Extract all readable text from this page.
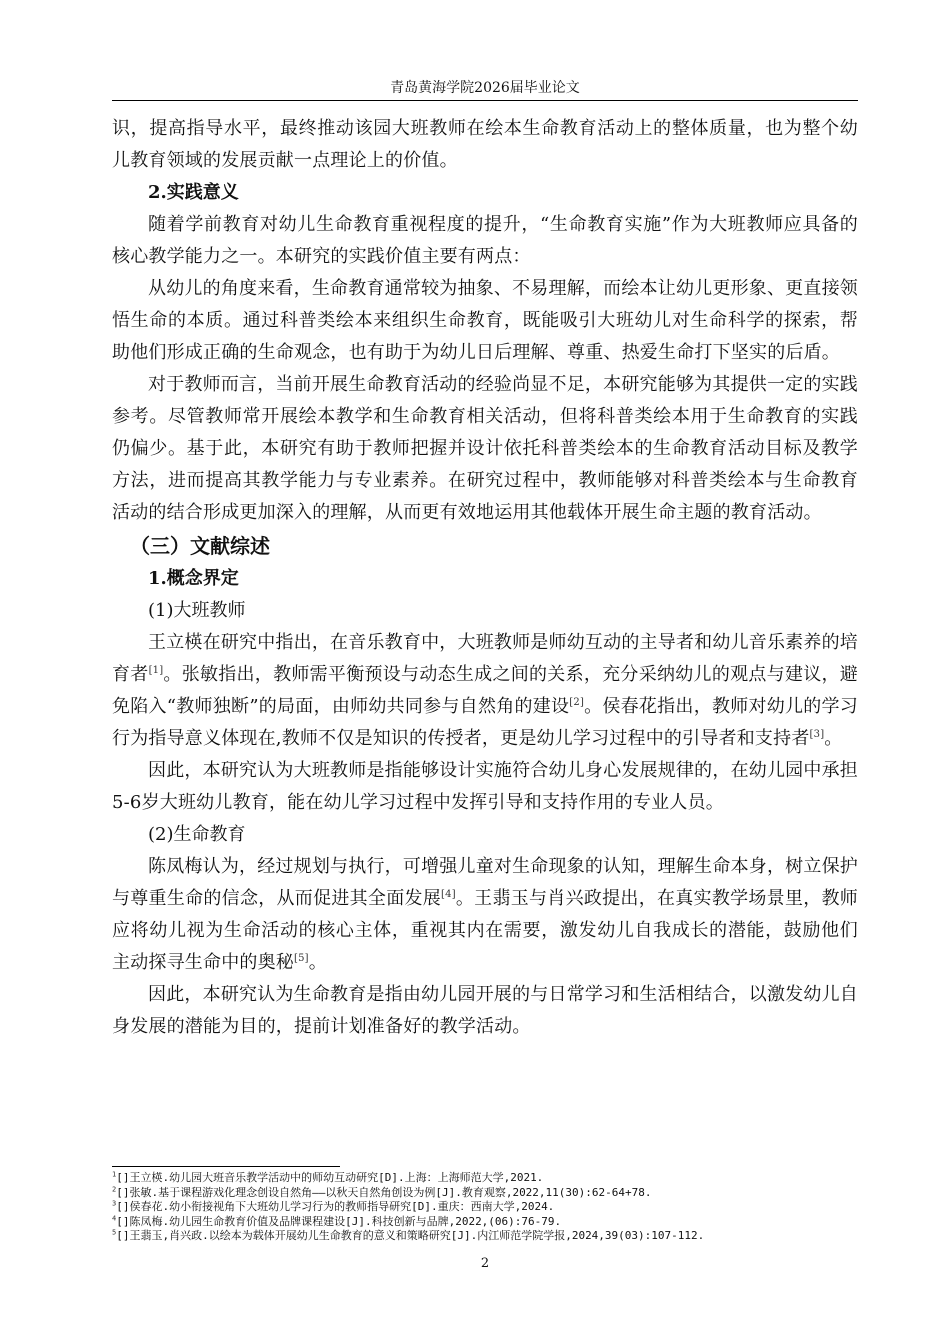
青岛黄海学院2026届毕业论文

识，提高指导水平，最终推动该园大班教师在绘本生命教育活动上的整体质量，也为整个幼儿教育领域的发展贡献一点理论上的价值。

2.实践意义

随着学前教育对幼儿生命教育重视程度的提升，“生命教育实施”作为大班教师应具备的核心教学能力之一。本研究的实践价值主要有两点：

从幼儿的角度来看，生命教育通常较为抽象、不易理解，而绘本让幼儿更形象、更直接领悟生命的本质。通过科普类绘本来组织生命教育，既能吸引大班幼儿对生命科学的探索，帮助他们形成正确的生命观念，也有助于为幼儿日后理解、尊重、热爱生命打下坚实的后盾。

对于教师而言，当前开展生命教育活动的经验尚显不足，本研究能够为其提供一定的实践参考。尽管教师常开展绘本教学和生命教育相关活动，但将科普类绘本用于生命教育的实践仍偏少。基于此，本研究有助于教师把握并设计依托科普类绘本的生命教育活动目标及教学方法，进而提高其教学能力与专业素养。在研究过程中，教师能够对科普类绘本与生命教育活动的结合形成更加深入的理解，从而更有效地运用其他载体开展生命主题的教育活动。

（三）文献综述

1.概念界定

(1)大班教师

王立楧在研究中指出，在音乐教育中，大班教师是师幼互动的主导者和幼儿音乐素养的培育者[1]。张敏指出，教师需平衡预设与动态生成之间的关系，充分采纳幼儿的观点与建议，避免陷入“教师独断”的局面，由师幼共同参与自然角的建设[2]。侯春花指出，教师对幼儿的学习行为指导意义体现在,教师不仅是知识的传授者，更是幼儿学习过程中的引导者和支持者[3]。

因此，本研究认为大班教师是指能够设计实施符合幼儿身心发展规律的，在幼儿园中承担5-6岁大班幼儿教育，能在幼儿学习过程中发挥引导和支持作用的专业人员。

(2)生命教育

陈凤梅认为，经过规划与执行，可增强儿童对生命现象的认知，理解生命本身，树立保护与尊重生命的信念，从而促进其全面发展[4]。王翡玉与肖兴政提出，在真实教学场景里，教师应将幼儿视为生命活动的核心主体，重视其内在需要，激发幼儿自我成长的潜能，鼓励他们主动探寻生命中的奥秘[5]。

因此，本研究认为生命教育是指由幼儿园开展的与日常学习和生活相结合，以激发幼儿自身发展的潜能为目的，提前计划准备好的教学活动。

$^1$[]王立楧.幼儿园大班音乐教学活动中的师幼互动研究[D].上海：上海师范大学,2021.

$^2$[]张敏.基于课程游戏化理念创设自然角——以秋天自然角创设为例[J].教育观察,2022,11(30):62-64+78.

$^3$[]侯春花.幼小衔接视角下大班幼儿学习行为的教师指导研究[D].重庆：西南大学,2024.

$^4$[]陈凤梅.幼儿园生命教育价值及品牌课程建设[J].科技创新与品牌,2022,(06):76-79.

$^5$[]王翡玉,肖兴政.以绘本为载体开展幼儿生命教育的意义和策略研究[J].内江师范学院学报,2024,39(03):107-112.

2
